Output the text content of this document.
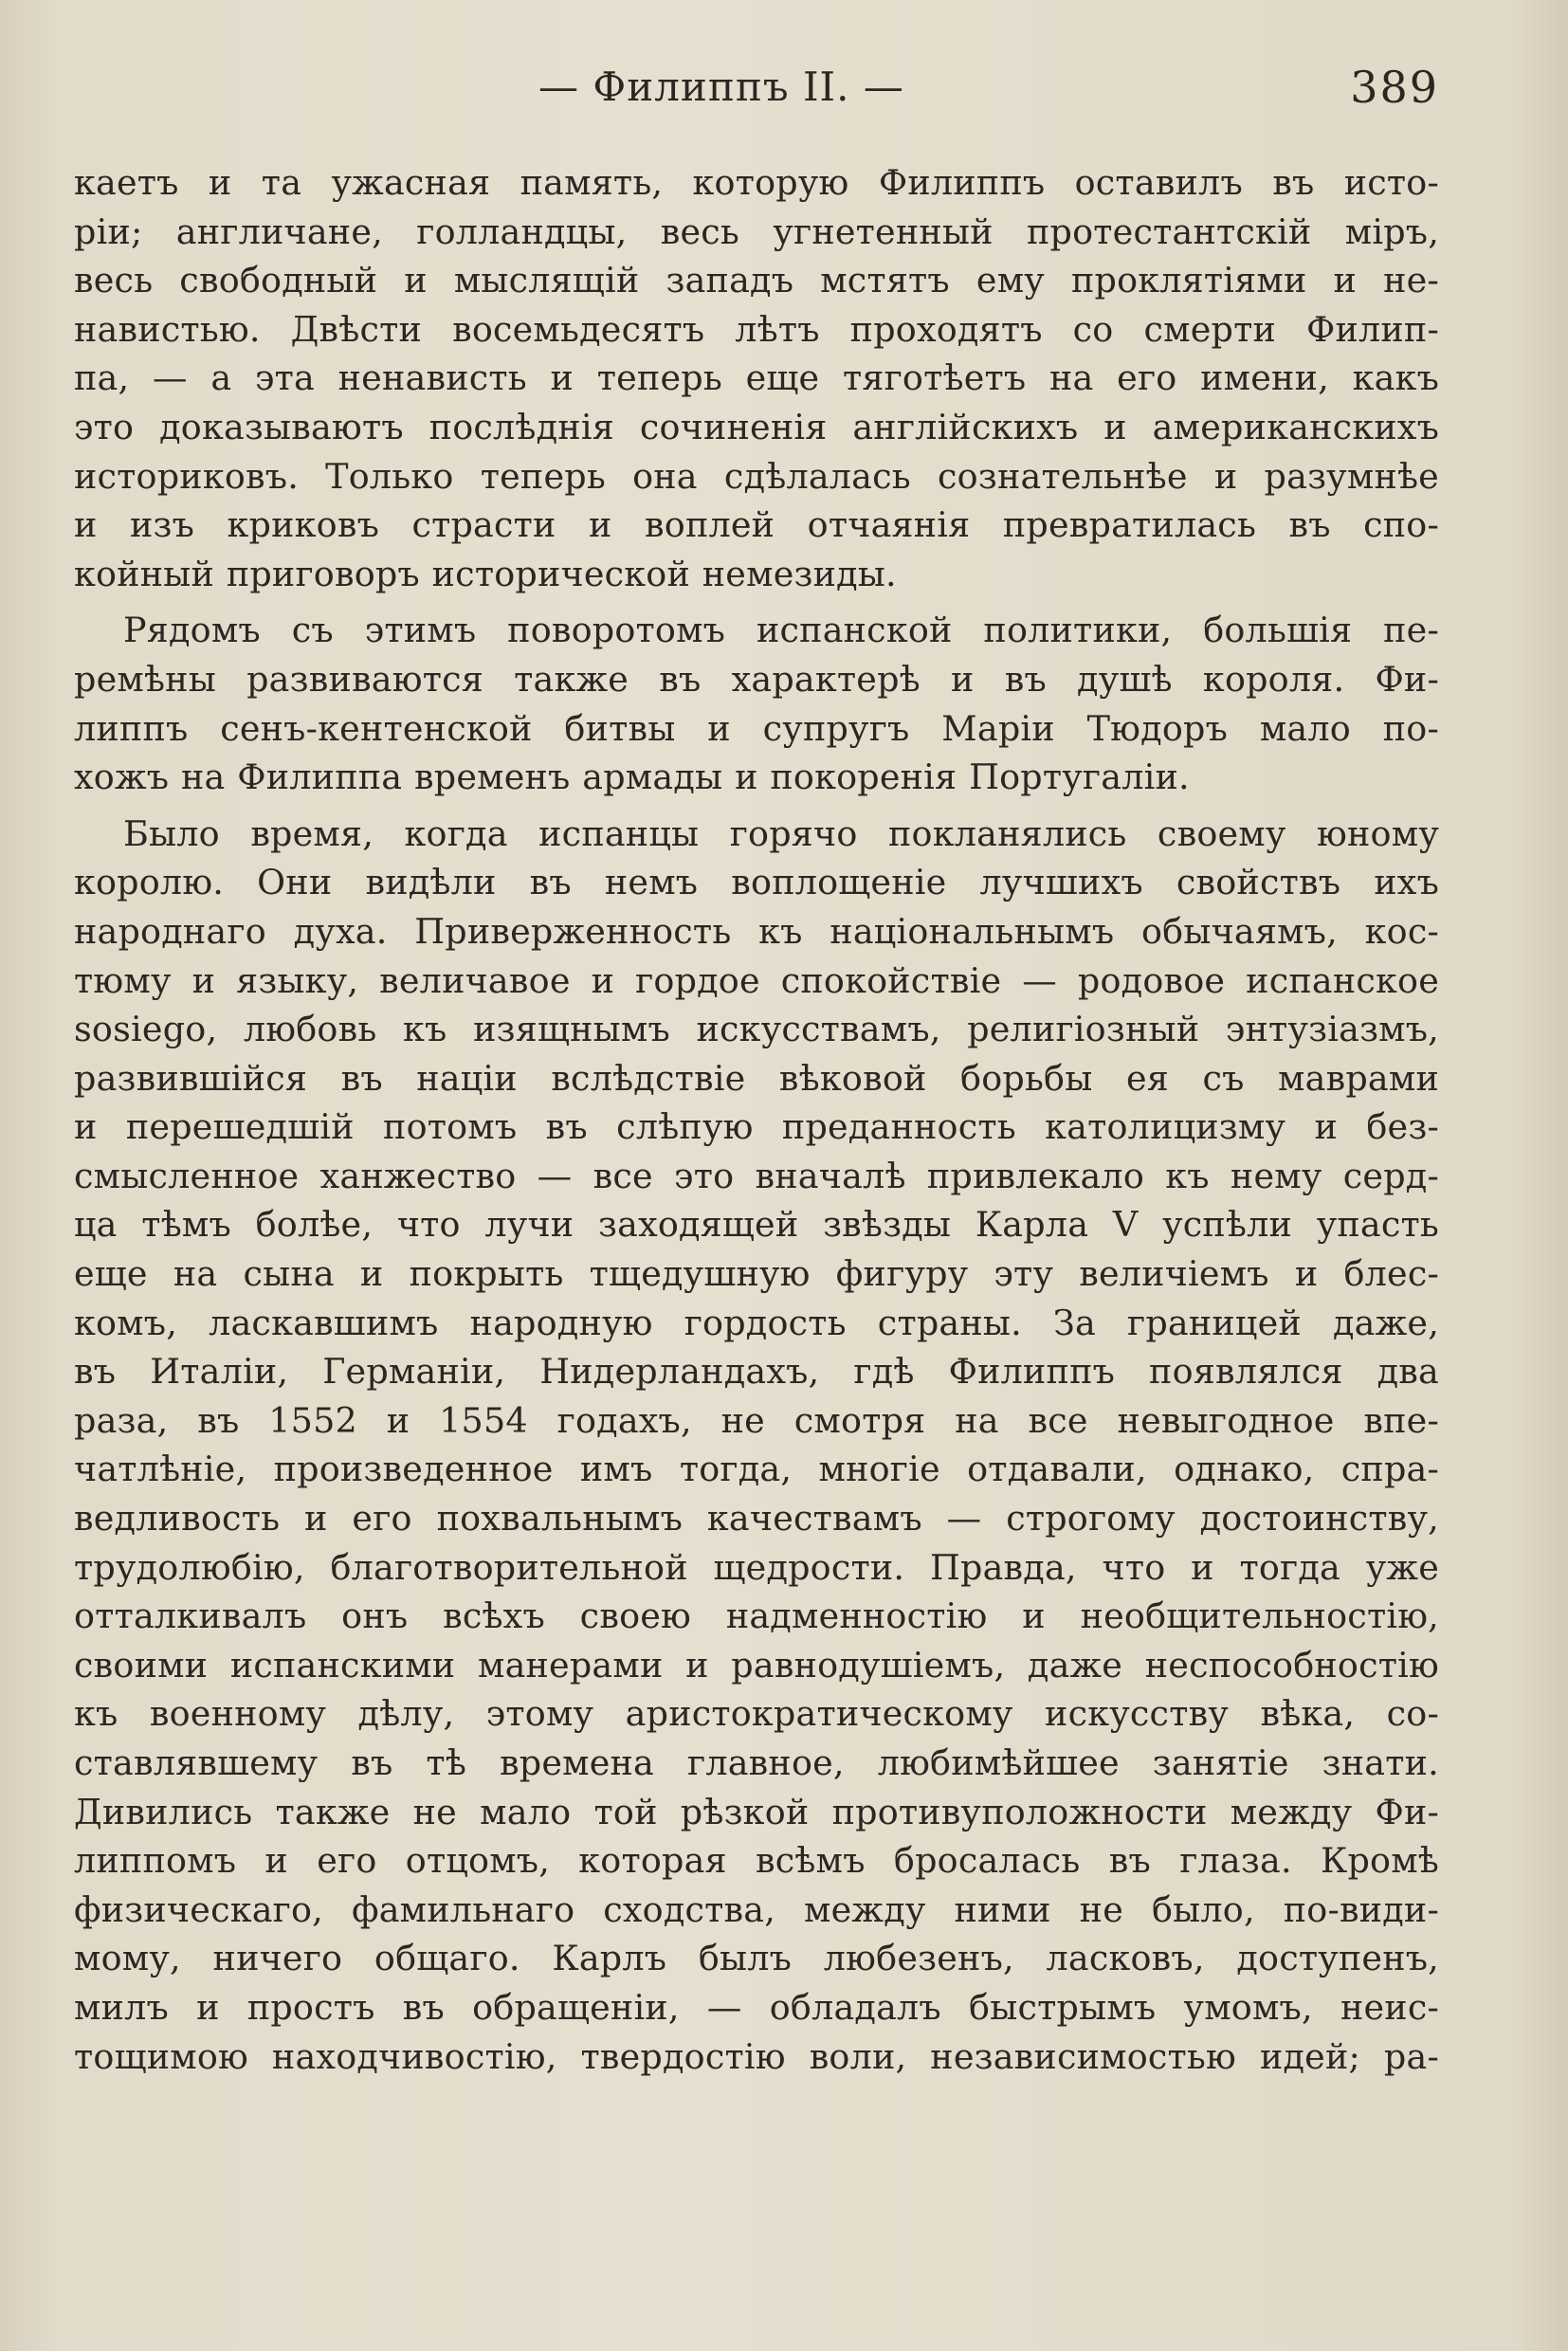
— Филиппъ II. —	389
каетъ и та ужасная память, которую Филиппъ оставилъ въ исто-
ріи; англичане, голландцы, весь угнетенный протестантскій міръ,
весь свободный и мыслящій западъ мстятъ ему проклятіями и не-
навистью. Двѣсти восемьдесятъ лѣтъ проходятъ со смерти Филип-
па, — а эта ненависть и теперь еще тяготѣетъ на его имени, какъ
это доказываютъ послѣднія сочиненія англійскихъ и американскихъ
историковъ. Только теперь она сдѣлалась сознательнѣе и разумнѣе
и изъ криковъ страсти и воплей отчаянія превратилась въ спо-
койный приговоръ исторической немезиды.
Рядомъ съ этимъ поворотомъ испанской политики, большія пе-
ремѣны развиваются также въ характерѣ и въ душѣ короля. Фи-
липпъ сенъ-кентенской битвы и супругъ Маріи Тюдоръ мало по-
хожъ на Филиппа временъ армады и покоренія Португаліи.
Было время, когда испанцы горячо покланялись своему юному
королю. Они видѣли въ немъ воплощеніе лучшихъ свойствъ ихъ
народнаго духа. Приверженность къ національнымъ обычаямъ, кос-
тюму и языку, величавое и гордое спокойствіе — родовое испанское
sosiego, любовь къ изящнымъ искусствамъ, религіозный энтузіазмъ,
развившійся въ націи вслѣдствіе вѣковой борьбы ея съ маврами
и перешедшій потомъ въ слѣпую преданность католицизму и без-
смысленное ханжество — все это вначалѣ привлекало къ нему серд-
ца тѣмъ болѣе, что лучи заходящей звѣзды Карла V успѣли упасть
еще на сына и покрыть тщедушную фигуру эту величіемъ и блес-
комъ, ласкавшимъ народную гордость страны. За границей даже,
въ Италіи, Германіи, Нидерландахъ, гдѣ Филиппъ появлялся два
раза, въ 1552 и 1554 годахъ, не смотря на все невыгодное впе-
чатлѣніе, произведенное имъ тогда, многіе отдавали, однако, спра-
ведливость и его похвальнымъ качествамъ — строгому достоинству,
трудолюбію, благотворительной щедрости. Правда, что и тогда уже
отталкивалъ онъ всѣхъ своею надменностію и необщительностію,
своими испанскими манерами и равнодушіемъ, даже неспособностію
къ военному дѣлу, этому аристократическому искусству вѣка, со-
ставлявшему въ тѣ времена главное, любимѣйшее занятіе знати.
Дивились также не мало той рѣзкой противуположности между Фи-
липпомъ и его отцомъ, которая всѣмъ бросалась въ глаза. Кромѣ
физическаго, фамильнаго сходства, между ними не было, по-види-
мому, ничего общаго. Карлъ былъ любезенъ, ласковъ, доступенъ,
милъ и простъ въ обращеніи, — обладалъ быстрымъ умомъ, неис-
тощимою находчивостію, твердостію воли, независимостью идей; ра-
